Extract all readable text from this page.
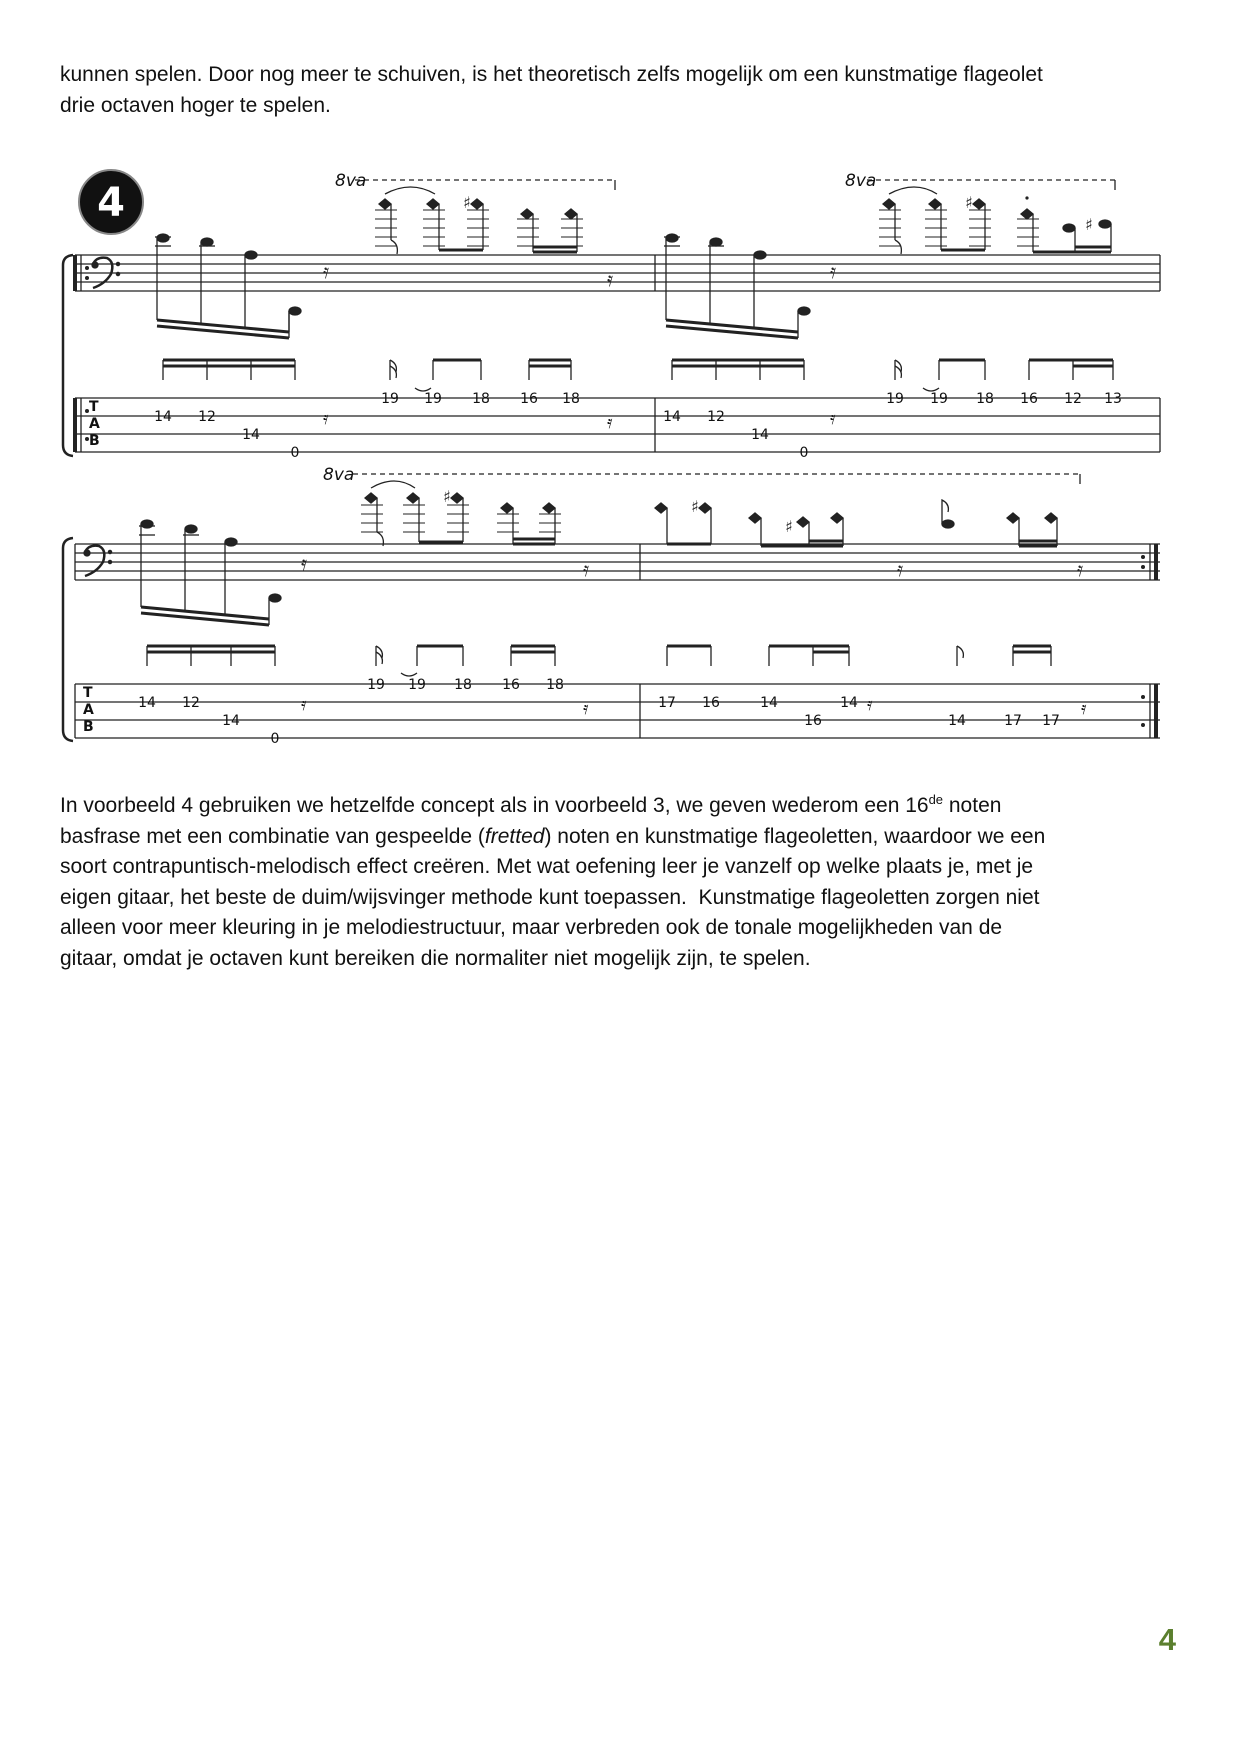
kunnen spelen. Door nog meer te schuiven, is het theoretisch zelfs mogelijk om een kunstmatige flageolet
drie octaven hoger te spelen.
𝄿
♯
𝄿	𝄿
♯
♯
𝄿
♯
𝄿
♯
♯
𝄿	𝄿
4	8va	8va
8va
T
A
B
T
A
B
14 12
14
0
19 19 18 16 18
𝄿	𝄿	14 12
14
0
19 19 18 16 12 13
𝄿
14 12
14
0
19 19 18 16 18
𝄿	𝄿	17 16	14
16
14
14	17 17
𝄿	𝄿
In voorbeeld 4 gebruiken we hetzelfde concept als in voorbeeld 3, we geven wederom een 16de noten
basfrase met een combinatie van gespeelde (fretted) noten en kunstmatige flageoletten, waardoor we een
soort contrapuntisch-melodisch effect creëren. Met wat oefening leer je vanzelf op welke plaats je, met je
eigen gitaar, het beste de duim/wijsvinger methode kunt toepassen.  Kunstmatige flageoletten zorgen niet
alleen voor meer kleuring in je melodiestructuur, maar verbreden ook de tonale mogelijkheden van de
gitaar, omdat je octaven kunt bereiken die normaliter niet mogelijk zijn, te spelen.
4
